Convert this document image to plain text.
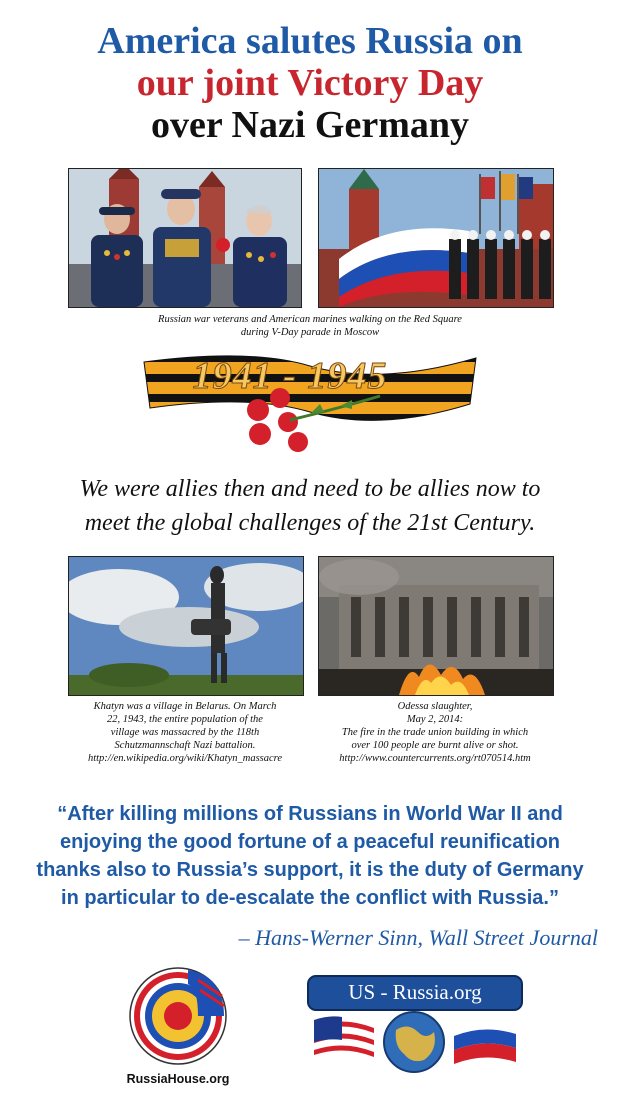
America salutes Russia on
our joint Victory Day
over Nazi Germany
Russian war veterans and American marines walking on the Red Square
during V-Day parade in Moscow
1941 - 1945
We were allies then and need to be allies now to
meet the global challenges of the 21st Century.
Khatyn was a village in Belarus. On March
22, 1943, the entire population of the
village was massacred by the 118th
Schutzmannschaft Nazi battalion.
http://en.wikipedia.org/wiki/Khatyn_massacre
Odessa slaughter,
May 2, 2014:
The fire in the trade union building in which
over 100 people are burnt alive or shot.
http://www.countercurrents.org/rt070514.htm
“After killing millions of Russians in World War II and
enjoying the good fortune of a peaceful reunification
thanks also to Russia’s support, it is the duty of Germany
in particular to de-escalate the conflict with Russia.”
– Hans-Werner Sinn, Wall Street Journal
RussiaHouse.org
US - Russia.org
